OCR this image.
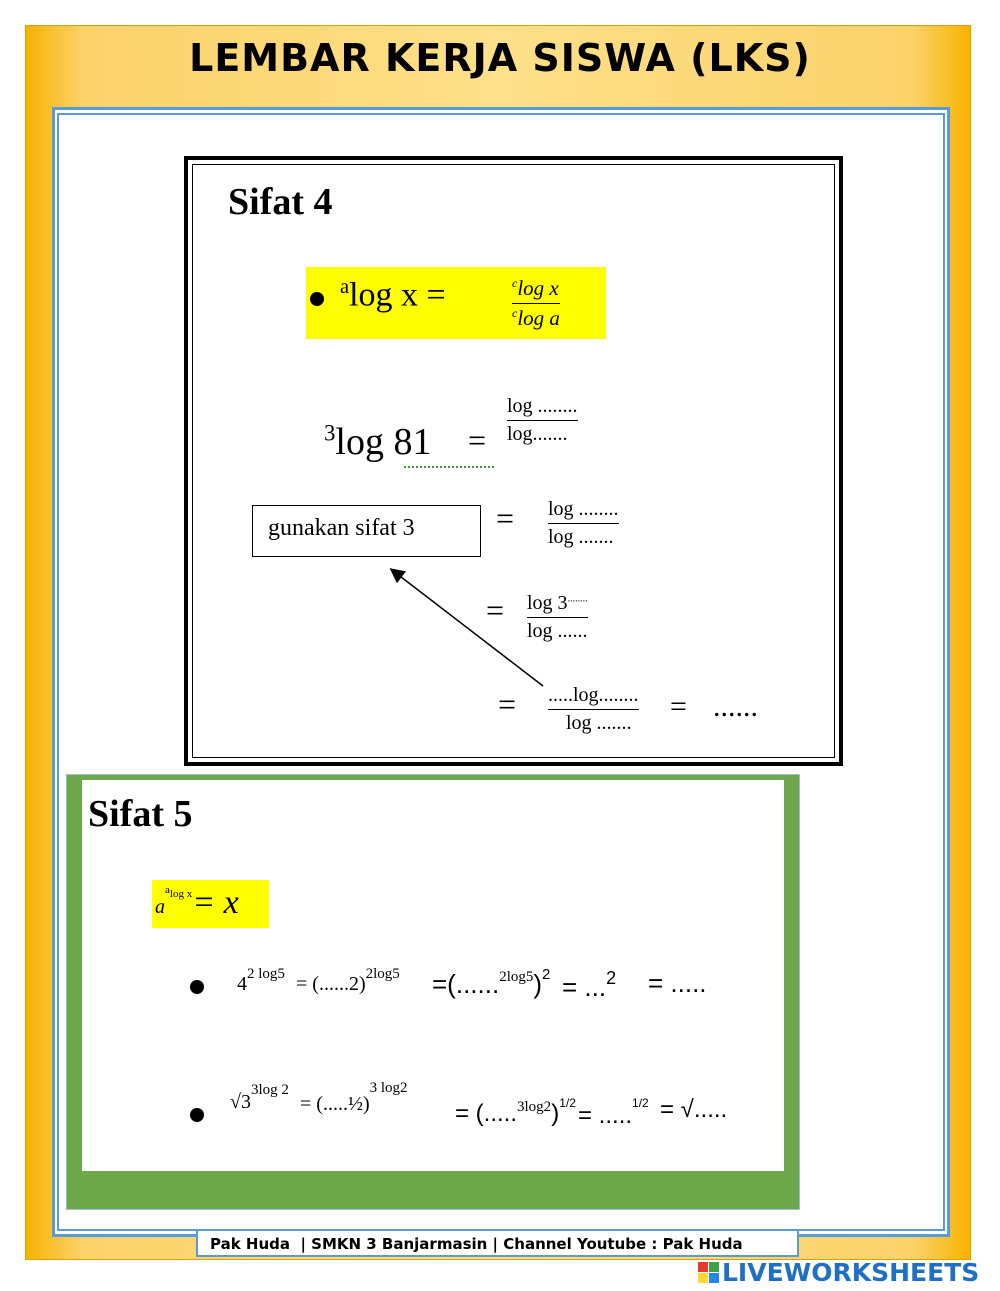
LEMBAR KERJA SISWA (LKS)
Sifat 4
$^a$log x =	$^c$log x
$^c$log a
$^3$log 81 =
log ........
log.......
gunakan sifat 3	= log ........
log .......
= log 3........
log ......
= .....log........
log ....... = ......
Sifat 5
$a^{alog x}= x$
$4^{2 log5} = (......2)^{2log5} =(......^{2log5})^2 = ...^2$ = .....
$√3^{3log 2}$
= (.....½)$^{3 log2}$
= $(.....^{3log2})^{1/2} = .....^{1/2}$ = √.....
Pak Huda  | SMKN 3 Banjarmasin | Channel Youtube : Pak Huda
LIVEWORKSHEETS
